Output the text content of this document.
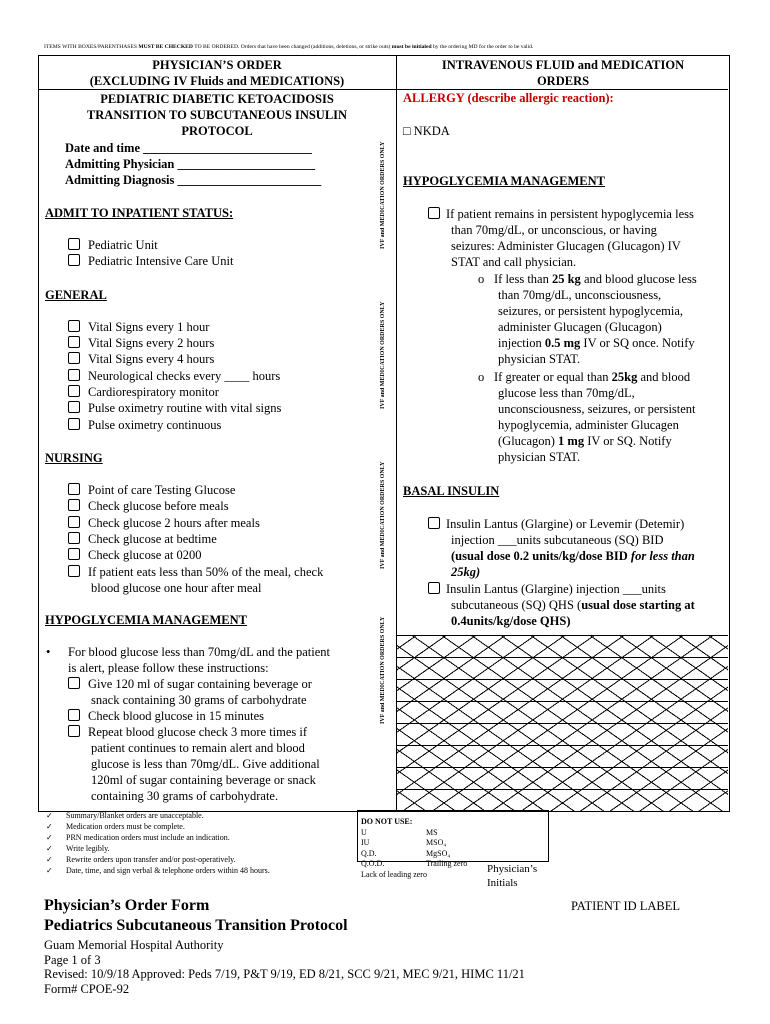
ITEMS WITH BOXES/PARENTHASES MUST BE CHECKED TO BE ORDERED. Orders that have been changed (additions, deletions, or strike outs) must be initialed by the ordering MD for the order to be valid.
PHYSICIAN’S ORDER
(EXCLUDING IV Fluids and MEDICATIONS)
PEDIATRIC DIABETIC KETOACIDOSIS
TRANSITION TO SUBCUTANEOUS INSULIN
PROTOCOL
Date and time ___________________________
Admitting Physician ______________________
Admitting Diagnosis _______________________
ADMIT TO INPATIENT STATUS:
Pediatric Unit
Pediatric Intensive Care Unit
GENERAL
Vital Signs every 1 hour
Vital Signs every 2 hours
Vital Signs every 4 hours
Neurological checks every ____ hours
Cardiorespiratory monitor
Pulse oximetry routine with vital signs
Pulse oximetry continuous
NURSING
Point of care Testing Glucose
Check glucose before meals
Check glucose 2 hours after meals
Check glucose at bedtime
Check glucose at 0200
If patient eats less than 50% of the meal, check
blood glucose one hour after meal
HYPOGLYCEMIA MANAGEMENT
• For blood glucose less than 70mg/dL and the patient
is alert, please follow these instructions:
Give 120 ml of sugar containing beverage or
snack containing 30 grams of carbohydrate
Check blood glucose in 15 minutes
Repeat blood glucose check 3 more times if
patient continues to remain alert and blood
glucose is less than 70mg/dL. Give additional
120ml of sugar containing beverage or snack
containing 30 grams of carbohydrate.
IVF and MEDICATION ORDERS ONLY
IVF and MEDICATION ORDERS ONLY
IVF and MEDICATION ORDERS ONLY
IVF and MEDICATION ORDERS ONLY
INTRAVENOUS FLUID and MEDICATION
ORDERS
ALLERGY (describe allergic reaction):
□ NKDA
HYPOGLYCEMIA MANAGEMENT
If patient remains in persistent hypoglycemia less
than 70mg/dL, or unconscious, or having
seizures: Administer Glucagen (Glucagon) IV
STAT and call physician.
o If less than 25 kg and blood glucose less
than 70mg/dL, unconsciousness,
seizures, or persistent hypoglycemia,
administer Glucagen (Glucagon)
injection 0.5 mg IV or SQ once. Notify
physician STAT.
o If greater or equal than 25kg and blood
glucose less than 70mg/dL,
unconsciousness, seizures, or persistent
hypoglycemia, administer Glucagen
(Glucagon) 1 mg IV or SQ. Notify
physician STAT.
BASAL INSULIN
Insulin Lantus (Glargine) or Levemir (Detemir)
injection ___units subcutaneous (SQ) BID
(usual dose 0.2 units/kg/dose BID for less than
25kg)
Insulin Lantus (Glargine) injection ___units
subcutaneous (SQ) QHS (usual dose starting at
0.4units/kg/dose QHS)
✓ Summary/Blanket orders are unacceptable.
✓ Medication orders must be complete.
✓ PRN medication orders must include an indication.
✓ Write legibly.
✓ Rewrite orders upon transfer and/or post-operatively.
✓ Date, time, and sign verbal & telephone orders within 48 hours.
DO NOT USE:
U	MS
IU	MSO₄
Q.D.	MgSO₄
Q.O.D.	Trailing zero
Lack of leading zero	Physician’s
Initials
Physician’s Order Form
Pediatrics Subcutaneous Transition Protocol
Guam Memorial Hospital Authority
Page 1 of 3
Revised: 10/9/18 Approved: Peds 7/19, P&T 9/19, ED 8/21, SCC 9/21, MEC 9/21, HIMC 11/21
Form# CPOE-92
PATIENT ID LABEL
